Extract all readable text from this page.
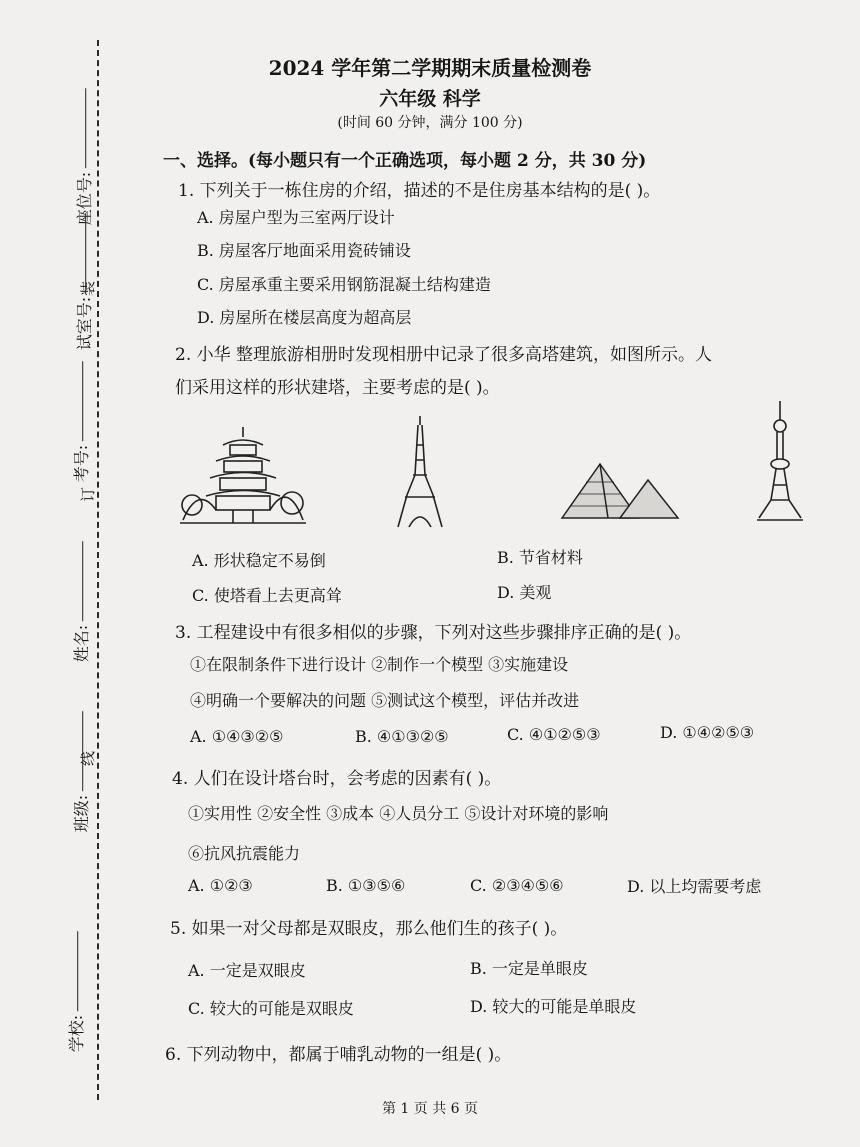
座位号:
试室号:
考号:
姓名:
班级:
学校:
装
订
线
2024 学年第二学期期末质量检测卷
六年级 科学
(时间 60 分钟，满分 100 分)
一、选择。(每小题只有一个正确选项，每小题 2 分，共 30 分)
1. 下列关于一栋住房的介绍，描述的不是住房基本结构的是( )。
A. 房屋户型为三室两厅设计
B. 房屋客厅地面采用瓷砖铺设
C. 房屋承重主要采用钢筋混凝土结构建造
D. 房屋所在楼层高度为超高层
2. 小华 整理旅游相册时发现相册中记录了很多高塔建筑，如图所示。人
们采用这样的形状建塔，主要考虑的是( )。
A. 形状稳定不易倒	B. 节省材料
C. 使塔看上去更高耸	D. 美观
3. 工程建设中有很多相似的步骤，下列对这些步骤排序正确的是( )。
①在限制条件下进行设计 ②制作一个模型 ③实施建设
④明确一个要解决的问题 ⑤测试这个模型，评估并改进
A. ①④③②⑤	B. ④①③②⑤	C. ④①②⑤③	D. ①④②⑤③
4. 人们在设计塔台时，会考虑的因素有( )。
①实用性 ②安全性 ③成本 ④人员分工 ⑤设计对环境的影响
⑥抗风抗震能力
A. ①②③	B. ①③⑤⑥	C. ②③④⑤⑥	D. 以上均需要考虑
5. 如果一对父母都是双眼皮，那么他们生的孩子( )。
A. 一定是双眼皮	B. 一定是单眼皮
C. 较大的可能是双眼皮	D. 较大的可能是单眼皮
6. 下列动物中，都属于哺乳动物的一组是( )。
第 1 页 共 6 页
